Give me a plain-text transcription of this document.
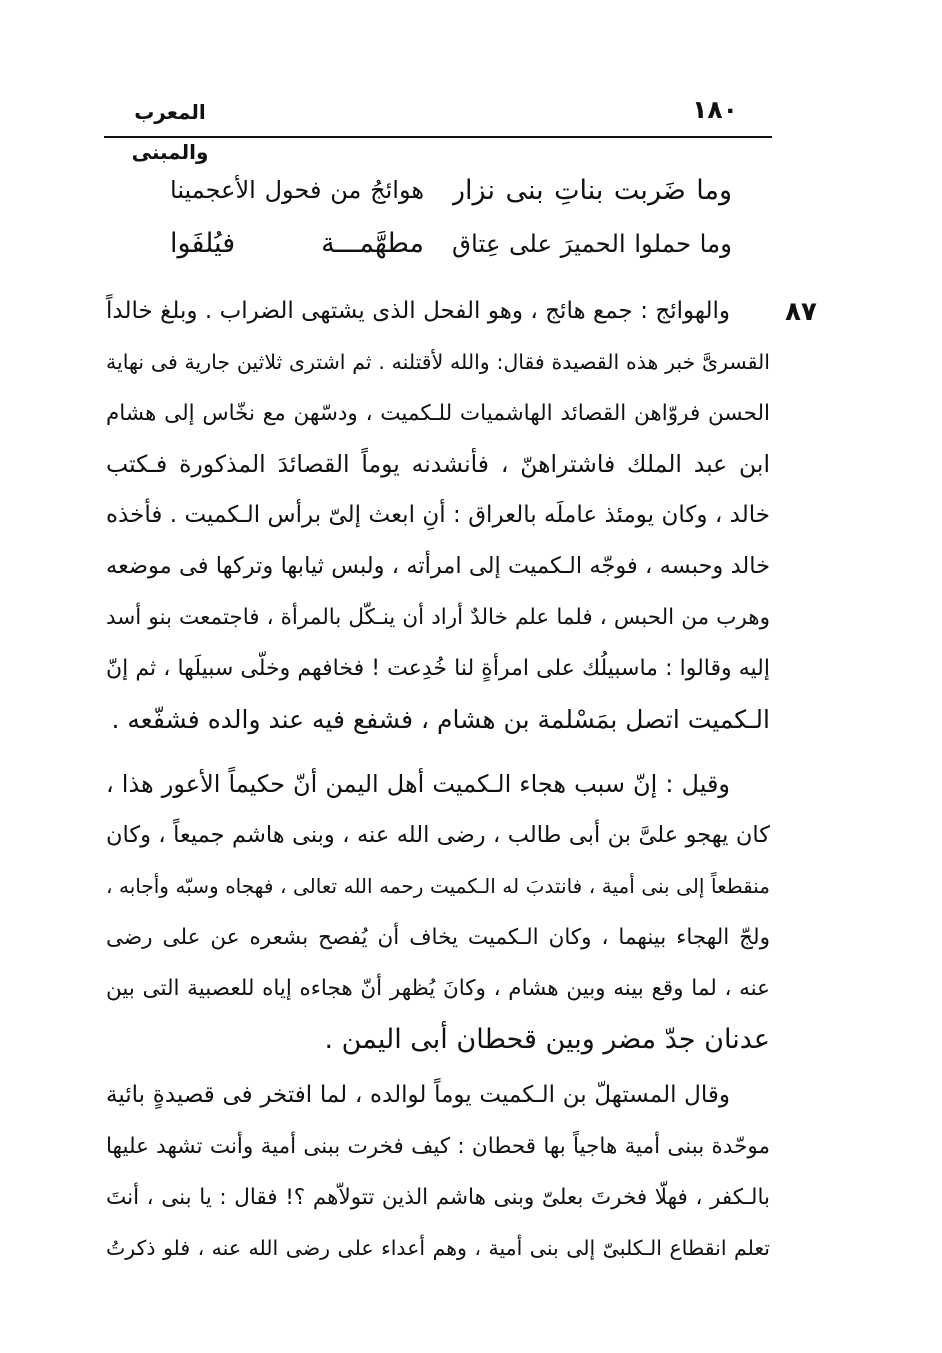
المعرب والمبنى
١٨٠
وما ضَربت بناتِ بنى نزار
هوائجُ من فحول الأعجمينا
وما حملوا الحميرَ على عِتاق
مطهَّمـــة فيُلفَوا
٨٧
والهوائج : جمع هائج ، وهو الفحل الذى يشتهى الضراب . وبلغ خالداً
القسرىَّ خبر هذه القصيدة فقال: والله لأقتلنه . ثم اشترى ثلاثين جارية فى نهاية
الحسن فروّاهن القصائد الهاشميات للـكميت ، ودسّهن مع نخّاس إلى هشام
ابن عبد الملك فاشتراهنّ ، فأنشدنه يوماً القصائدَ المذكورة فـكتب
خالد ، وكان يومئذ عاملَه بالعراق : أنِ ابعث إلىّ برأس الـكميت . فأخذه
خالد وحبسه ، فوجّه الـكميت إلى امرأته ، ولبس ثيابها وتركها فى موضعه
وهرب من الحبس ، فلما علم خالدٌ أراد أن ينـكّل بالمرأة ، فاجتمعت بنو أسد
إليه وقالوا : ماسبيلُك على امرأةٍ لنا خُدِعت ! فخافهم وخلّى سبيلَها ، ثم إنّ
الـكميت اتصل بمَسْلمة بن هشام ، فشفع فيه عند والده فشفّعه .
وقيل : إنّ سبب هجاء الـكميت أهل اليمن أنّ حكيماً الأعور هذا ،
كان يهجو علىَّ بن أبى طالب ، رضى الله عنه ، وبنى هاشم جميعاً ، وكان
منقطعاً إلى بنى أمية ، فانتدبَ له الـكميت رحمه الله تعالى ، فهجاه وسبّه وأجابه ،
ولجّ الهجاء بينهما ، وكان الـكميت يخاف أن يُفصح بشعره عن على رضى
عنه ، لما وقع بينه وبين هشام ، وكانَ يُظهر أنّ هجاءه إياه للعصبية التى بين
عدنان جدّ مضر وبين قحطان أبى اليمن .
وقال المستهلّ بن الـكميت يوماً لوالده ، لما افتخر فى قصيدةٍ بائية
موحّدة ببنى أمية هاجياً بها قحطان : كيف فخرت ببنى أمية وأنت تشهد عليها
بالـكفر ، فهلّا فخرتَ بعلىّ وبنى هاشم الذين تتولاّهم ؟! فقال : يا بنى ، أنتَ
تعلم انقطاع الـكلبىّ إلى بنى أمية ، وهم أعداء على رضى الله عنه ، فلو ذكرتُ
